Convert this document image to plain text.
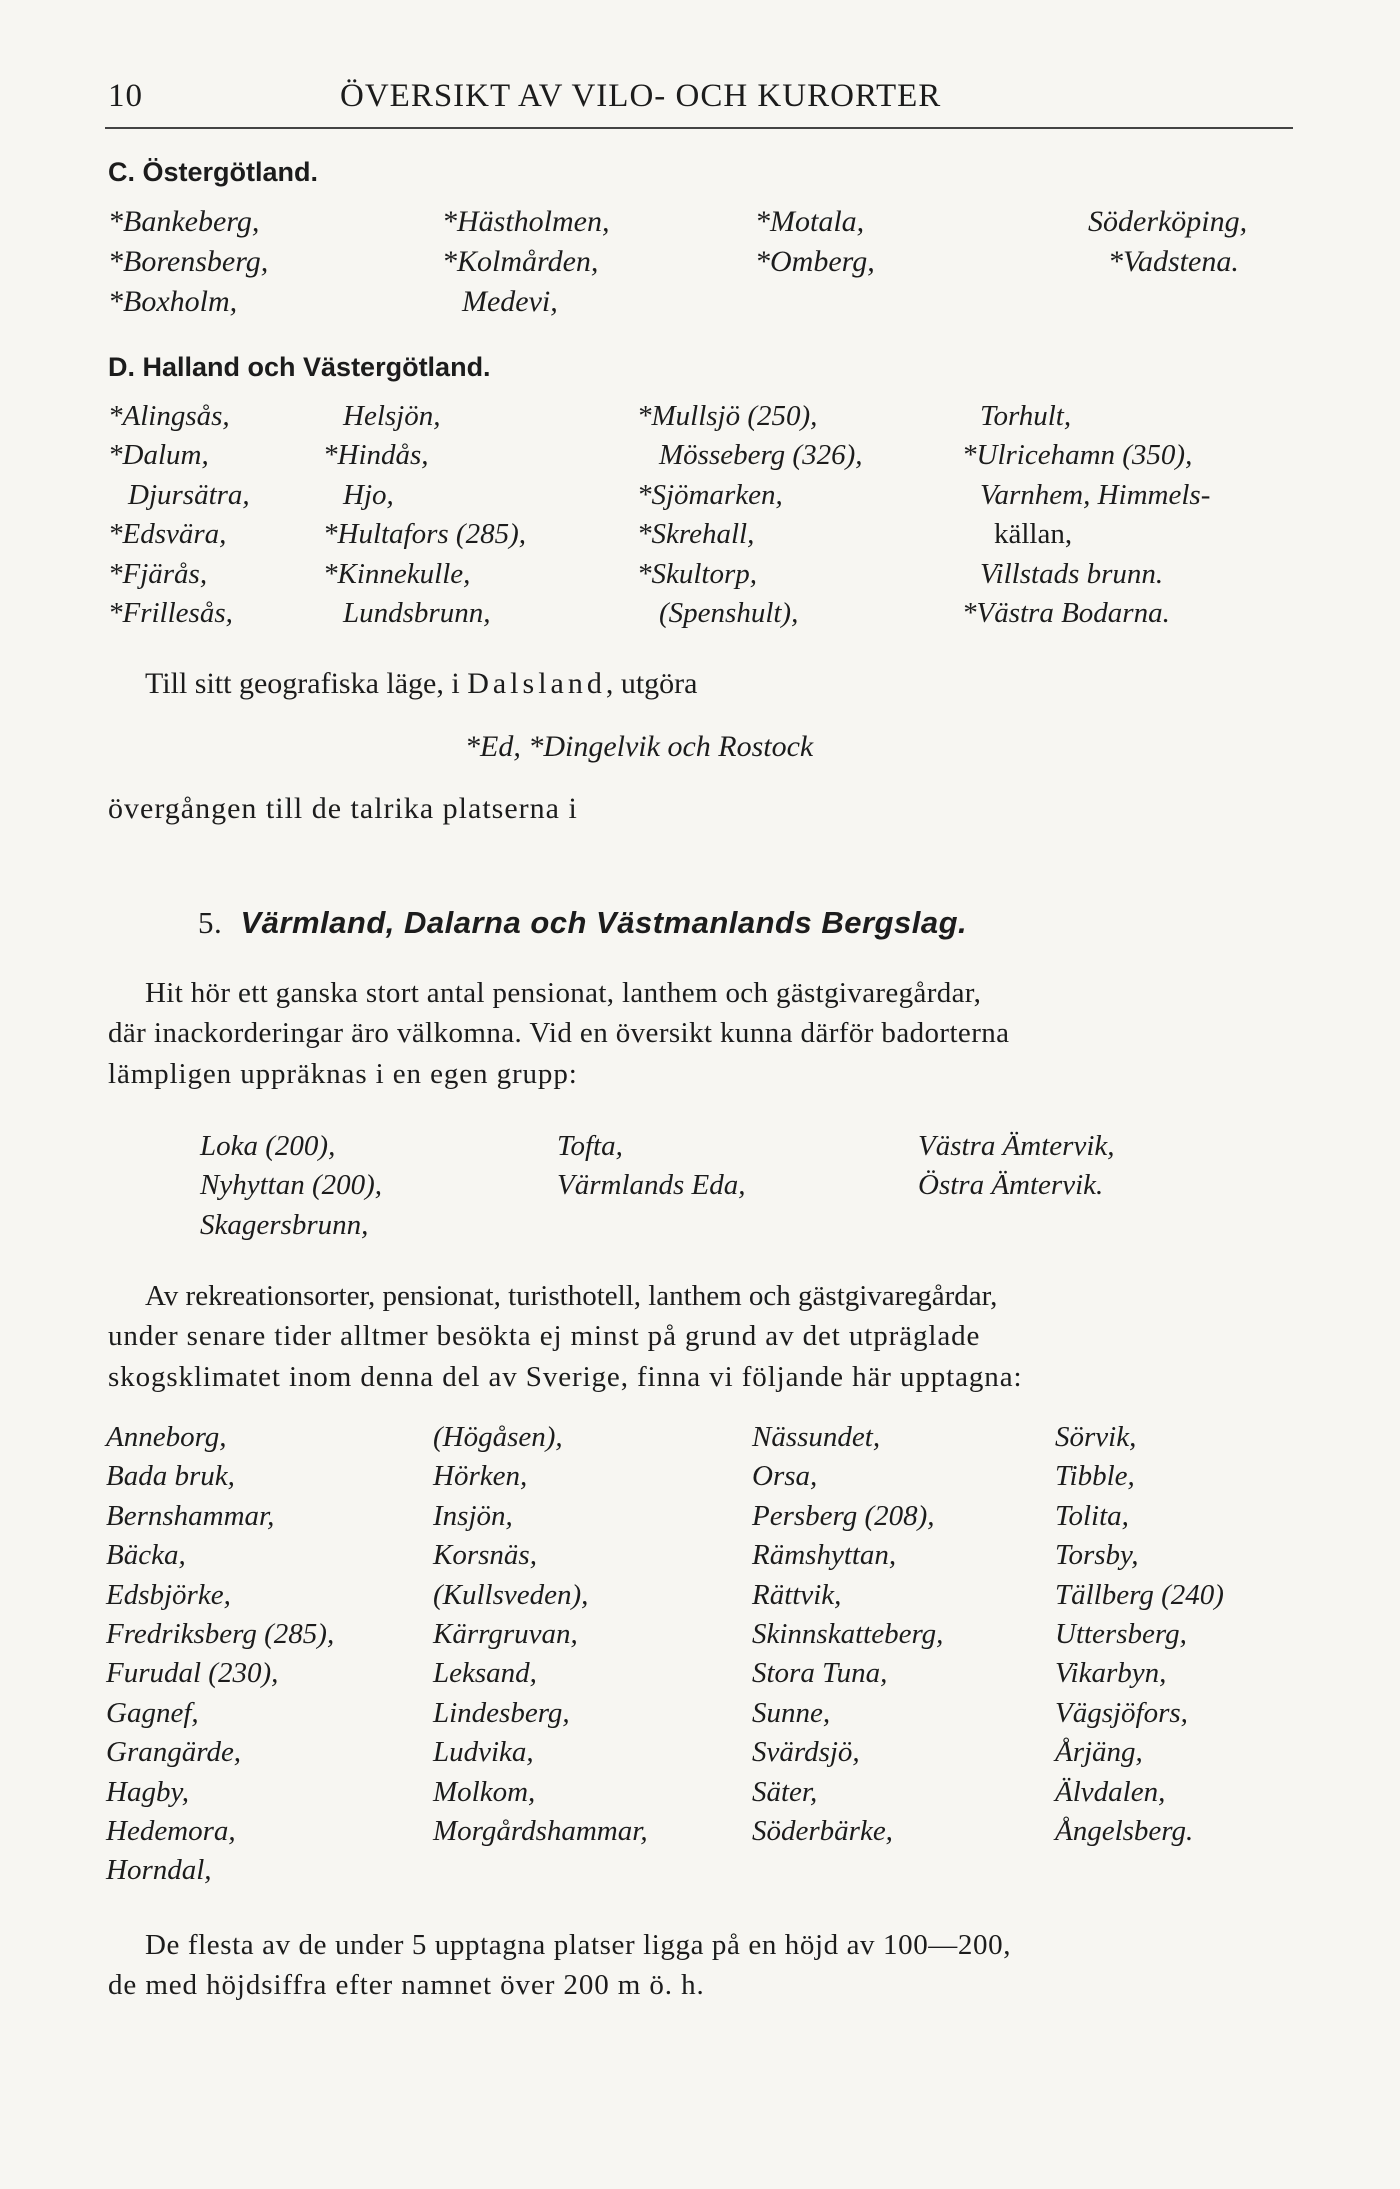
10	ÖVERSIKT AV VILO- OCH KURORTER
C. Östergötland.
*Bankeberg,
*Borensberg,
*Boxholm,
*Hästholmen,
*Kolmården,
Medevi,
*Motala,
*Omberg,
Söderköping,
*Vadstena.
D. Halland och Västergötland.
*Alingsås,
*Dalum,
Djursätra,
*Edsvära,
*Fjärås,
*Frillesås,
Helsjön,
*Hindås,
Hjo,
*Hultafors (285),
*Kinnekulle,
Lundsbrunn,
*Mullsjö (250),
Mösseberg (326),
*Sjömarken,
*Skrehall,
*Skultorp,
(Spenshult),
Torhult,
*Ulricehamn (350),
Varnhem, Himmels-
källan,
Villstads brunn.
*Västra Bodarna.
Till sitt geografiska läge, i Dalsland, utgöra
*Ed, *Dingelvik och Rostock
övergången till de talrika platserna i
5. Värmland, Dalarna och Västmanlands Bergslag.
Hit hör ett ganska stort antal pensionat, lanthem och gästgivaregårdar,
där inackorderingar äro välkomna. Vid en översikt kunna därför badorterna
lämpligen uppräknas i en egen grupp:
Loka (200),
Nyhyttan (200),
Skagersbrunn,
Tofta,
Värmlands Eda,
Västra Ämtervik,
Östra Ämtervik.
Av rekreationsorter, pensionat, turisthotell, lanthem och gästgivaregårdar,
under senare tider alltmer besökta ej minst på grund av det utpräglade
skogsklimatet inom denna del av Sverige, finna vi följande här upptagna:
Anneborg,
Bada bruk,
Bernshammar,
Bäcka,
Edsbjörke,
Fredriksberg (285),
Furudal (230),
Gagnef,
Grangärde,
Hagby,
Hedemora,
Horndal,
(Högåsen),
Hörken,
Insjön,
Korsnäs,
(Kullsveden),
Kärrgruvan,
Leksand,
Lindesberg,
Ludvika,
Molkom,
Morgårdshammar,
Nässundet,
Orsa,
Persberg (208),
Rämshyttan,
Rättvik,
Skinnskatteberg,
Stora Tuna,
Sunne,
Svärdsjö,
Säter,
Söderbärke,
Sörvik,
Tibble,
Tolita,
Torsby,
Tällberg (240)
Uttersberg,
Vikarbyn,
Vägsjöfors,
Årjäng,
Älvdalen,
Ångelsberg.
De flesta av de under 5 upptagna platser ligga på en höjd av 100—200,
de med höjdsiffra efter namnet över 200 m ö. h.
